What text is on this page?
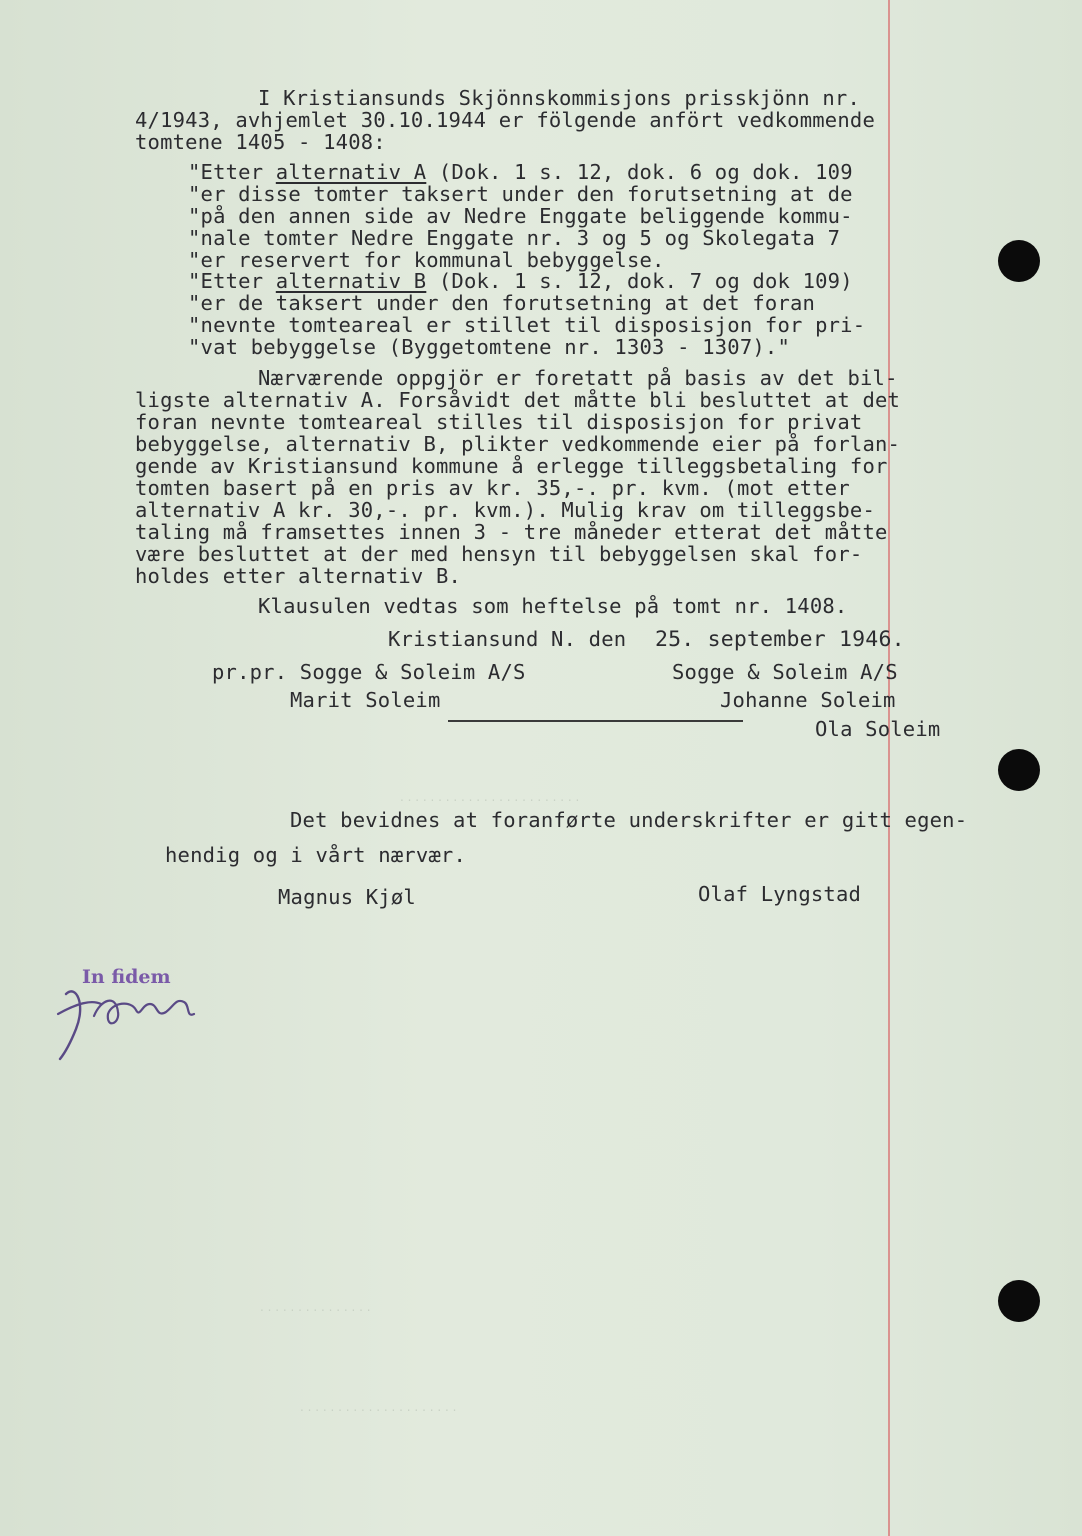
I Kristiansunds Skjönnskommisjons prisskjönn nr.
4/1943, avhjemlet 30.10.1944 er fölgende anfört vedkommende
tomtene 1405 - 1408:
"Etter alternativ A (Dok. 1 s. 12, dok. 6 og dok. 109
"er disse tomter taksert under den forutsetning at de
"på den annen side av Nedre Enggate beliggende kommu-
"nale tomter Nedre Enggate nr. 3 og 5 og Skolegata 7
"er reservert for kommunal bebyggelse.
"Etter alternativ B (Dok. 1 s. 12, dok. 7 og dok 109)
"er de taksert under den forutsetning at det foran
"nevnte tomteareal er stillet til disposisjon for pri-
"vat bebyggelse (Byggetomtene nr. 1303 - 1307)."
Nærværende oppgjör er foretatt på basis av det bil-
ligste alternativ A. Forsåvidt det måtte bli besluttet at det
foran nevnte tomteareal stilles til disposisjon for privat
bebyggelse, alternativ B, plikter vedkommende eier på forlan-
gende av Kristiansund kommune å erlegge tilleggsbetaling for
tomten basert på en pris av kr. 35,-. pr. kvm. (mot etter
alternativ A kr. 30,-. pr. kvm.). Mulig krav om tilleggsbe-
taling må framsettes innen 3 - tre måneder etterat det måtte
være besluttet at der med hensyn til bebyggelsen skal for-
holdes etter alternativ B.
Klausulen vedtas som heftelse på tomt nr. 1408.
Kristiansund N. den 25. september 1946.
pr.pr. Sogge & Soleim A/S
Marit Soleim
Sogge & Soleim A/S
Johanne Soleim
Ola Soleim
Det bevidnes at foranførte underskrifter er gitt egen-
hendig og i vårt nærvær.
Magnus Kjøl	Olaf Lyngstad
In fidem
. . . . . . . . . . . . . . . . . . . . . . . .
. . . . . . . . . . . . . . .
. . . . . . . . . . . . . . . . . . . . .
